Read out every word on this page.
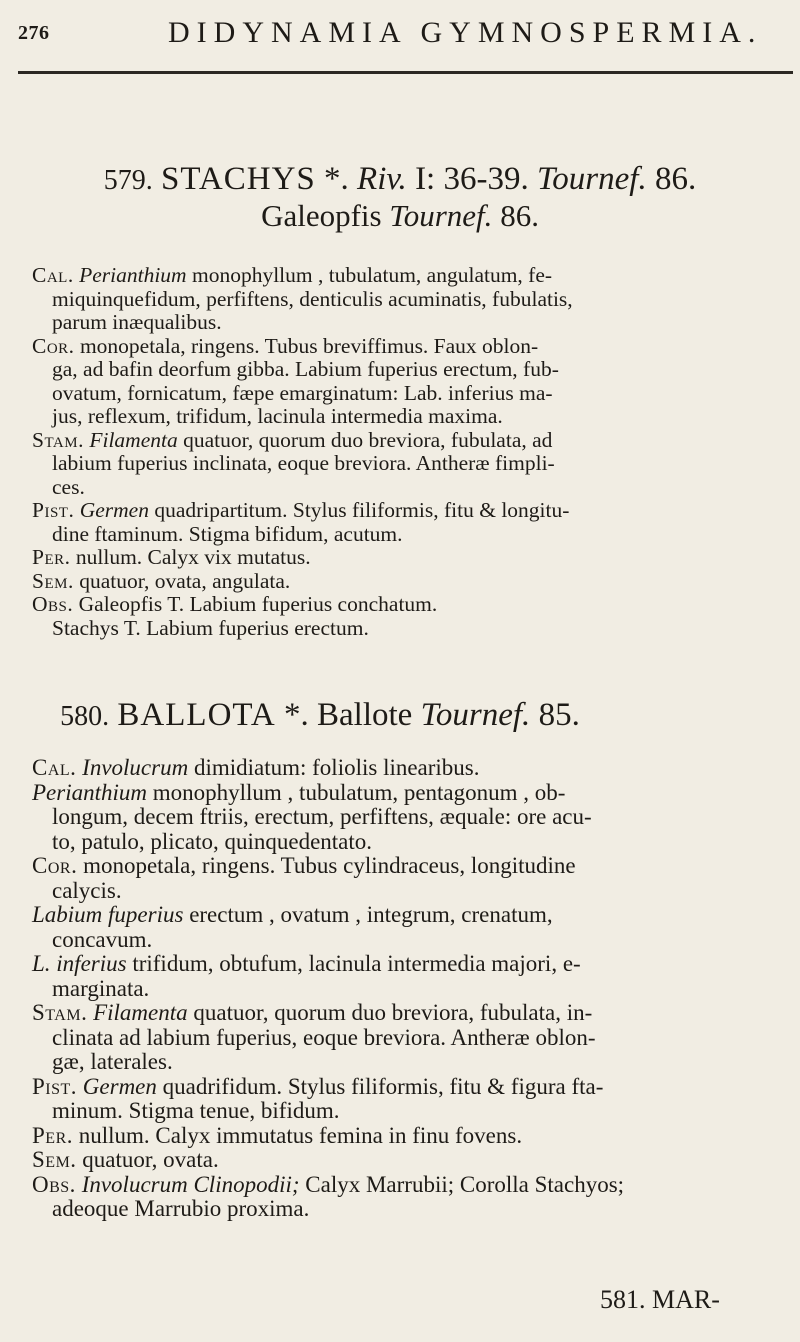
276	DIDYNAMIA GYMNOSPERMIA.
579. STACHYS *. Riv. I: 36-39. Tournef. 86.
Galeopfis Tournef. 86.
Cal. Perianthium monophyllum , tubulatum, angulatum, fe-
miquinquefidum, perfiftens, denticulis acuminatis, fubulatis,
parum inæqualibus.
Cor. monopetala, ringens. Tubus breviffimus. Faux oblon-
ga, ad bafin deorfum gibba. Labium fuperius erectum, fub-
ovatum, fornicatum, fæpe emarginatum: Lab. inferius ma-
jus, reflexum, trifidum, lacinula intermedia maxima.
Stam. Filamenta quatuor, quorum duo breviora, fubulata, ad
labium fuperius inclinata, eoque breviora. Antheræ fimpli-
ces.
Pist. Germen quadripartitum. Stylus filiformis, fitu & longitu-
dine ftaminum. Stigma bifidum, acutum.
Per. nullum. Calyx vix mutatus.
Sem. quatuor, ovata, angulata.
Obs. Galeopfis T. Labium fuperius conchatum.
Stachys T. Labium fuperius erectum.
580. BALLOTA *. Ballote Tournef. 85.
Cal. Involucrum dimidiatum: foliolis linearibus.
Perianthium monophyllum , tubulatum, pentagonum , ob-
longum, decem ftriis, erectum, perfiftens, æquale: ore acu-
to, patulo, plicato, quinquedentato.
Cor. monopetala, ringens. Tubus cylindraceus, longitudine
calycis.
Labium fuperius erectum , ovatum , integrum, crenatum,
concavum.
L. inferius trifidum, obtufum, lacinula intermedia majori, e-
marginata.
Stam. Filamenta quatuor, quorum duo breviora, fubulata, in-
clinata ad labium fuperius, eoque breviora. Antheræ oblon-
gæ, laterales.
Pist. Germen quadrifidum. Stylus filiformis, fitu & figura fta-
minum. Stigma tenue, bifidum.
Per. nullum. Calyx immutatus femina in finu fovens.
Sem. quatuor, ovata.
Obs. Involucrum Clinopodii; Calyx Marrubii; Corolla Stachyos;
adeoque Marrubio proxima.
581. MAR-
